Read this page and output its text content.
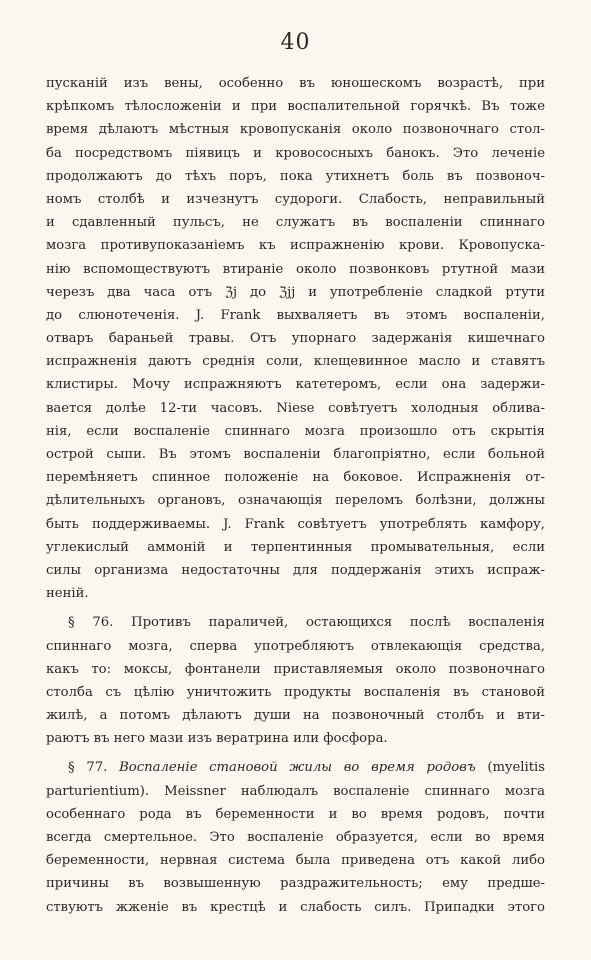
40
пусканій изъ вены, особенно въ юношескомъ возрастѣ, при
крѣпкомъ тѣлосложеніи и при воспалительной горячкѣ. Въ тоже
время дѣлаютъ мѣстныя кровопусканія около позвоночнаго стол-
ба посредствомъ піявицъ и кровососныхъ банокъ. Это леченіе
продолжаютъ до тѣхъ поръ, пока утихнетъ боль въ позвоноч-
номъ столбѣ и изчезнутъ судороги. Слабость, неправильный
и сдавленный пульсъ, не служатъ въ воспаленіи спиннаго
мозга противупоказаніемъ къ испражненію крови. Кровопуска-
нію вспомоществуютъ втираніе около позвонковъ ртутной мази
черезъ два часа отъ ℨj до ℨjj и употребленіе сладкой ртути
до слюнотеченія. J. Frank выхваляетъ въ этомъ воспаленіи,
отваръ бараньей травы. Отъ упорнаго задержанія кишечнаго
испражненія даютъ среднія соли, клещевинное масло и ставятъ
клистиры. Мочу испражняютъ катетеромъ, если она задержи-
вается долѣе 12-ти часовъ. Niese совѣтуетъ холодныя облива-
нія, если воспаленіе спиннаго мозга произошло отъ скрытія
острой сыпи. Въ этомъ воспаленіи благопріятно, если больной
перемѣняетъ спинное положеніе на боковое. Испражненія от-
дѣлительныхъ органовъ, означающія переломъ болѣзни, должны
быть поддерживаемы. J. Frank совѣтуетъ употреблять камфору,
углекислый аммоній и терпентинныя промывательныя, если
силы организма недостаточны для поддержанія этихъ испраж-
неній.
§ 76. Противъ параличей, остающихся послѣ воспаленія
спиннаго мозга, сперва употребляютъ отвлекающія средства,
какъ то: моксы, фонтанели приставляемыя около позвоночнаго
столба съ цѣлію уничтожить продукты воспаленія въ становой
жилѣ, а потомъ дѣлаютъ души на позвоночный столбъ и вти-
раютъ въ него мази изъ вератрина или фосфора.
§ 77. Воспаленіе становой жилы во время родовъ (myelitis
parturientium). Meissner наблюдалъ воспаленіе спиннаго мозга
особеннаго рода въ беременности и во время родовъ, почти
всегда смертельное. Это воспаленіе образуется, если во время
беременности, нервная система была приведена отъ какой либо
причины въ возвышенную раздражительность; ему предше-
ствуютъ жженіе въ крестцѣ и слабость силъ. Припадки этого
